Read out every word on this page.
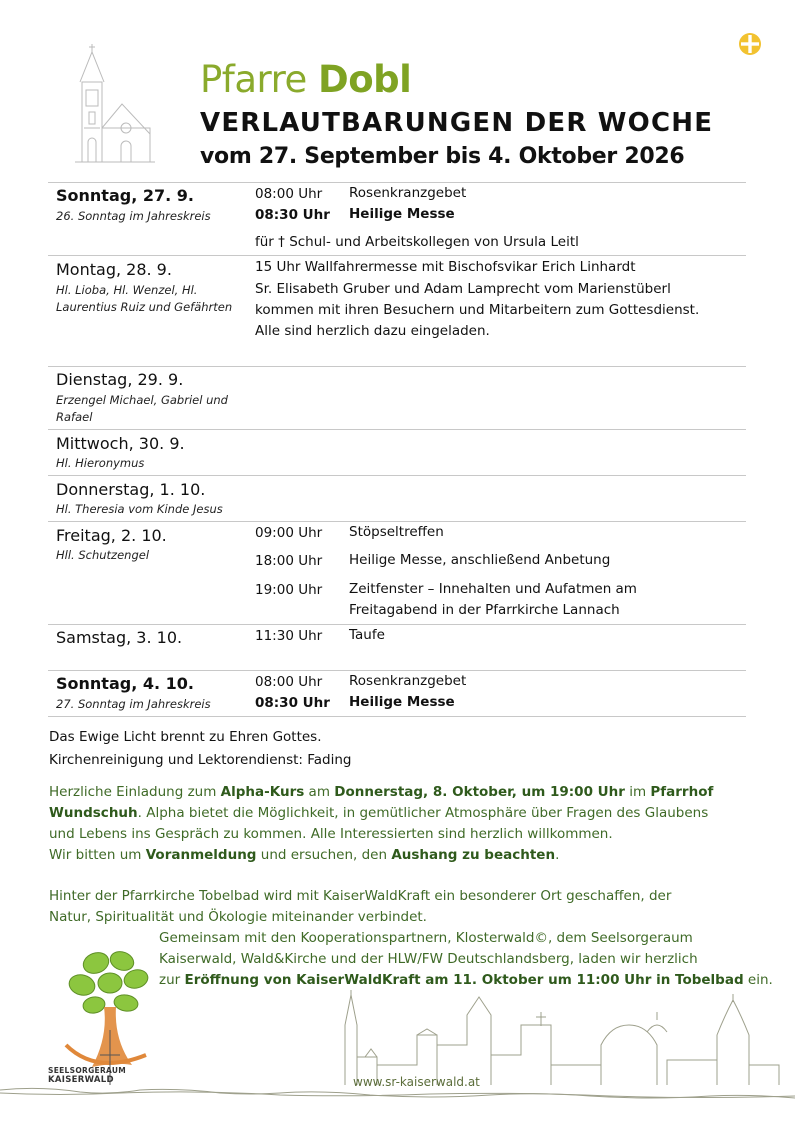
Pfarre Dobl
VERLAUTBARUNGEN DER WOCHE
vom 27. September bis 4. Oktober 2026
Sonntag, 27. 9.
26. Sonntag im Jahreskreis
08:00 Uhr Rosenkranzgebet
08:30 Uhr Heilige Messe
für † Schul- und Arbeitskollegen von Ursula Leitl
Montag, 28. 9.
Hl. Lioba, Hl. Wenzel, Hl. Laurentius Ruiz und Gefährten
15 Uhr Wallfahrermesse mit Bischofsvikar Erich Linhardt
Sr. Elisabeth Gruber und Adam Lamprecht vom Marienstüberl
kommen mit ihren Besuchern und Mitarbeitern zum Gottesdienst.
Alle sind herzlich dazu eingeladen.
Dienstag, 29. 9.
Erzengel Michael, Gabriel und Rafael
Mittwoch, 30. 9.
Hl. Hieronymus
Donnerstag, 1. 10.
Hl. Theresia vom Kinde Jesus
Freitag, 2. 10.
Hll. Schutzengel
09:00 Uhr Stöpseltreffen
18:00 Uhr Heilige Messe, anschließend Anbetung
19:00 Uhr Zeitfenster – Innehalten und Aufatmen am Freitagabend in der Pfarrkirche Lannach
Samstag, 3. 10.	11:30 Uhr Taufe
Sonntag, 4. 10.
27. Sonntag im Jahreskreis
08:00 Uhr Rosenkranzgebet
08:30 Uhr Heilige Messe
Das Ewige Licht brennt zu Ehren Gottes.
Kirchenreinigung und Lektorendienst: Fading
Herzliche Einladung zum Alpha-Kurs am Donnerstag, 8. Oktober, um 19:00 Uhr im Pfarrhof
Wundschuh. Alpha bietet die Möglichkeit, in gemütlicher Atmosphäre über Fragen des Glaubens
und Lebens ins Gespräch zu kommen. Alle Interessierten sind herzlich willkommen.
Wir bitten um Voranmeldung und ersuchen, den Aushang zu beachten.
Hinter der Pfarrkirche Tobelbad wird mit KaiserWaldKraft ein besonderer Ort geschaffen, der
Natur, Spiritualität und Ökologie miteinander verbindet.
Gemeinsam mit den Kooperationspartnern, Klosterwald©, dem Seelsorgeraum
Kaiserwald, Wald&Kirche und der HLW/FW Deutschlandsberg, laden wir herzlich
zur Eröffnung von KaiserWaldKraft am 11. Oktober um 11:00 Uhr in Tobelbad ein.
SEELSORGERAUM
KAISERWALD	www.sr-kaiserwald.at
